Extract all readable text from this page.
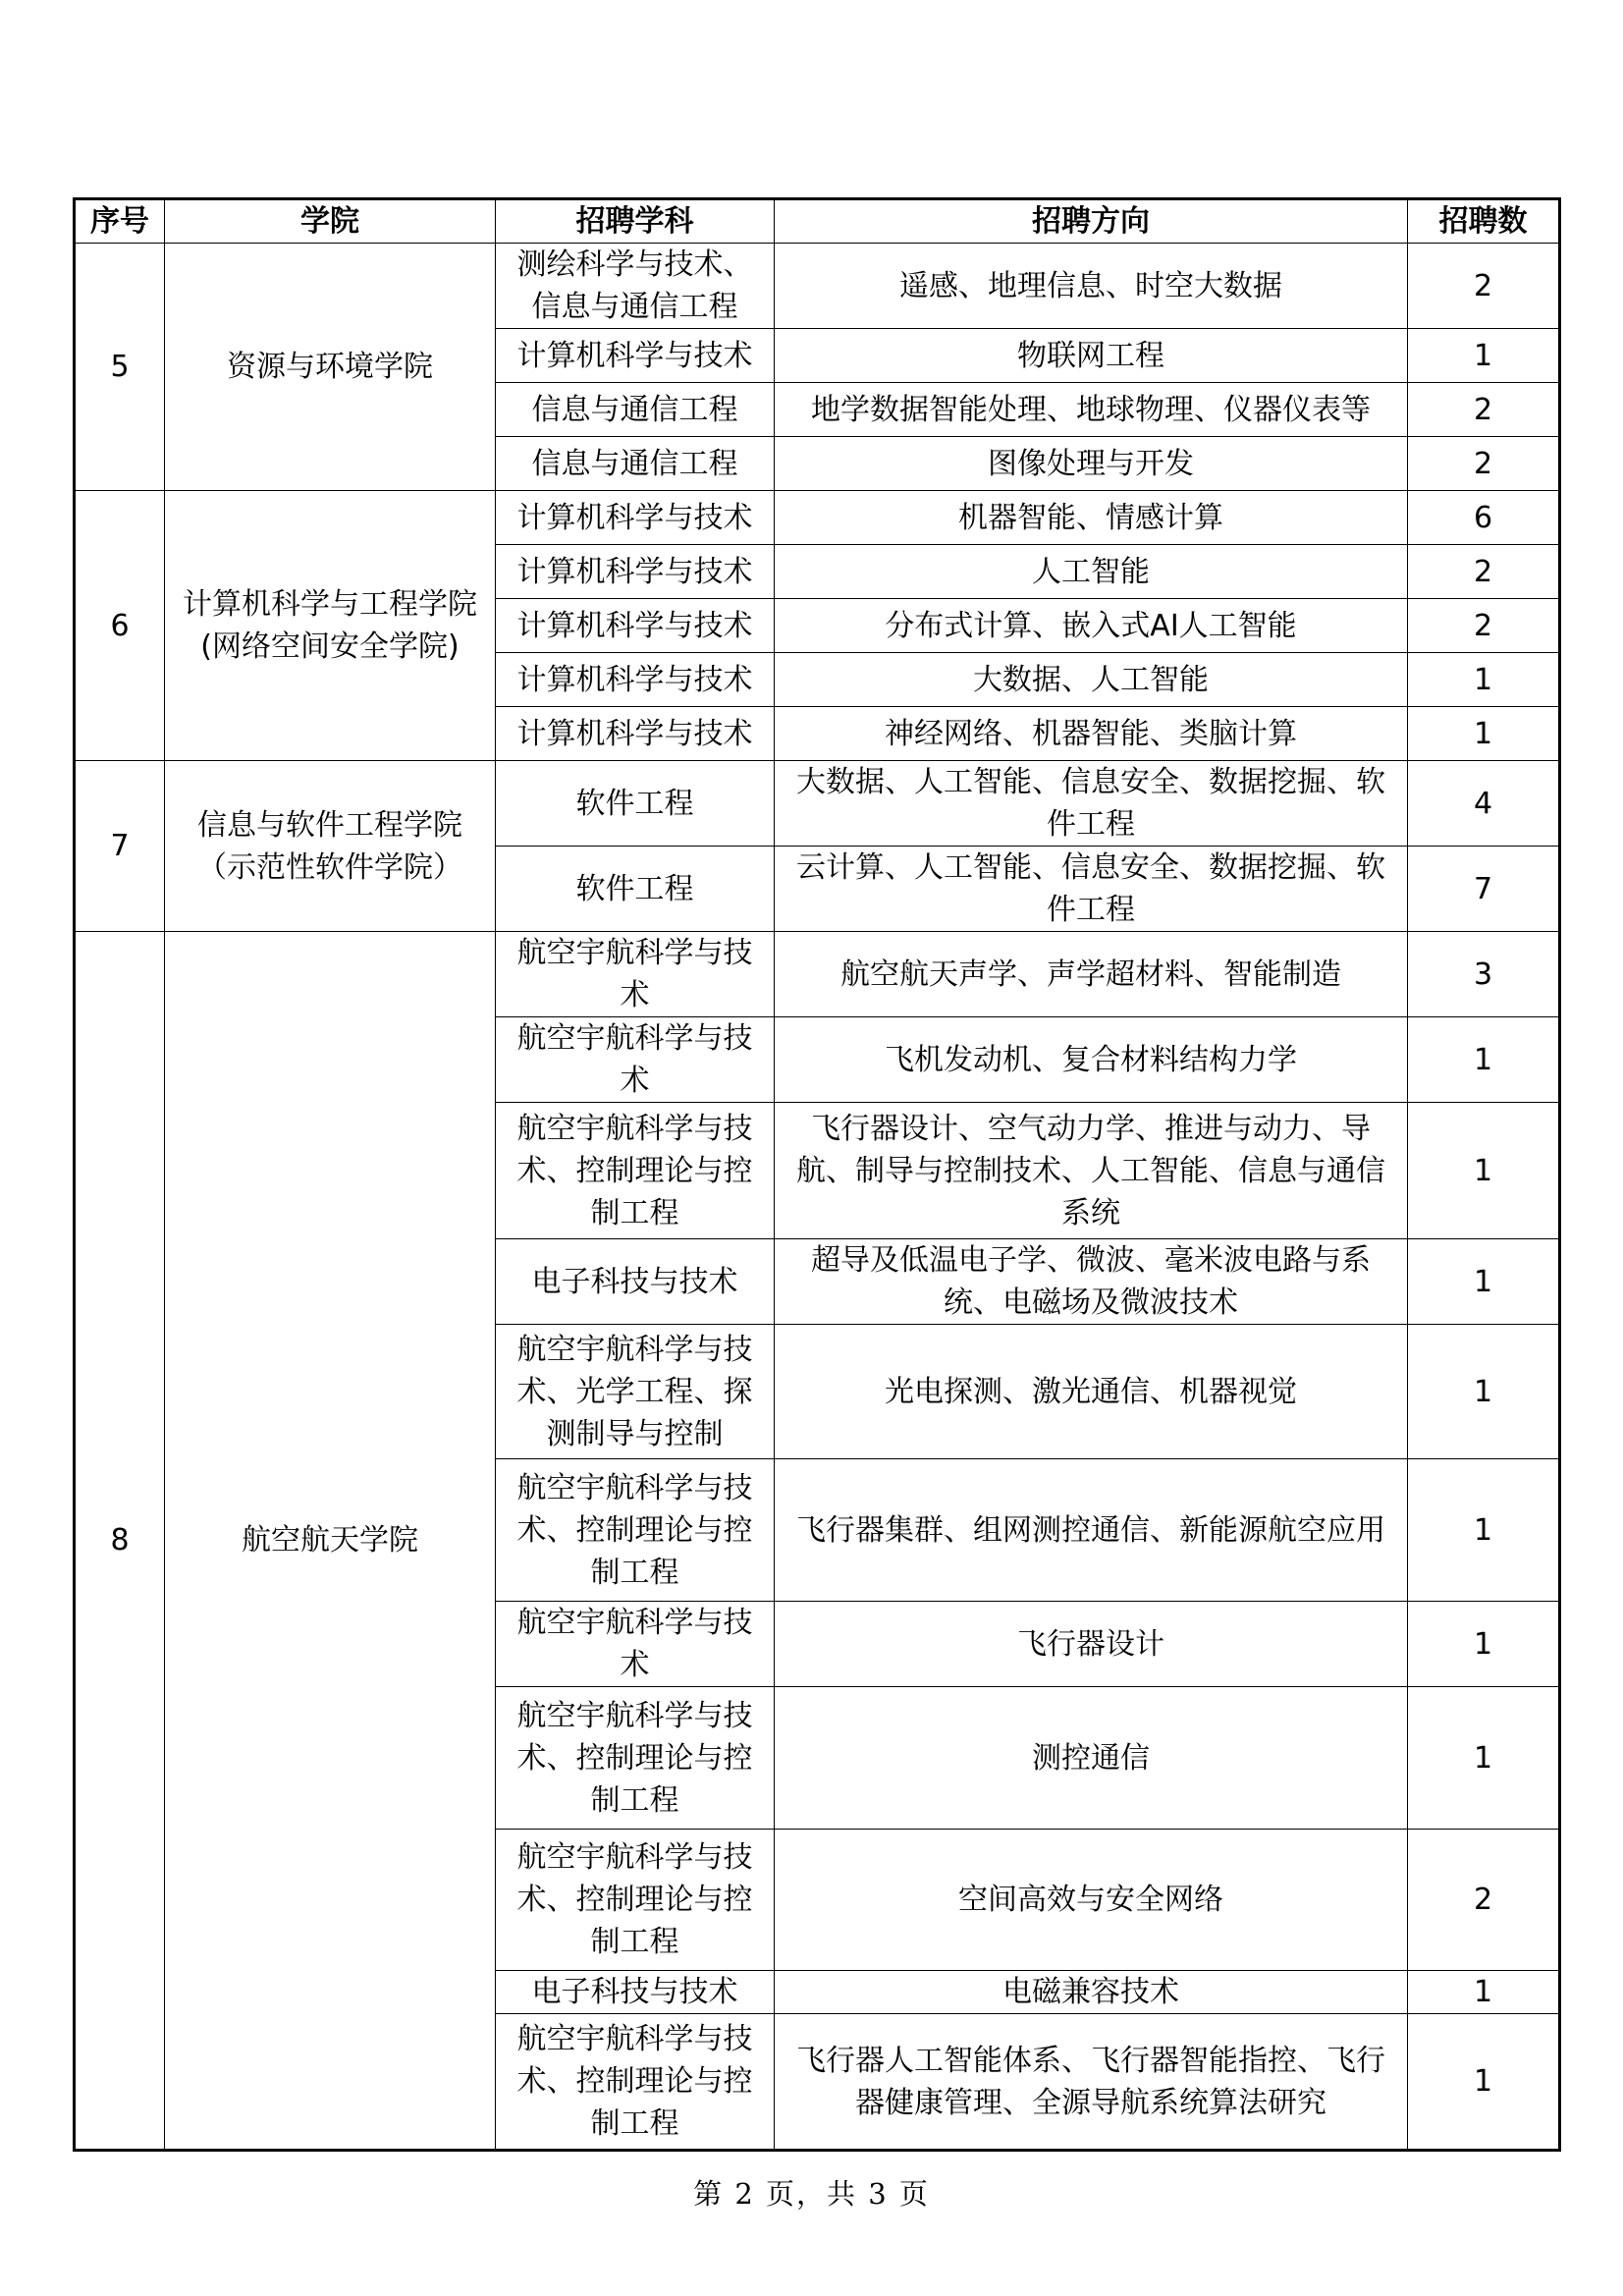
序号	学院	招聘学科	招聘方向	招聘数
5	资源与环境学院	测绘科学与技术、信息与通信工程	遥感、地理信息、时空大数据	2
		计算机科学与技术	物联网工程	1
		信息与通信工程	地学数据智能处理、地球物理、仪器仪表等	2
		信息与通信工程	图像处理与开发	2
6	计算机科学与工程学院(网络空间安全学院)	计算机科学与技术	机器智能、情感计算	6
		计算机科学与技术	人工智能	2
		计算机科学与技术	分布式计算、嵌入式AI人工智能	2
		计算机科学与技术	大数据、人工智能	1
		计算机科学与技术	神经网络、机器智能、类脑计算	1
7	信息与软件工程学院（示范性软件学院）	软件工程	大数据、人工智能、信息安全、数据挖掘、软件工程	4
		软件工程	云计算、人工智能、信息安全、数据挖掘、软件工程	7
8	航空航天学院	航空宇航科学与技术	航空航天声学、声学超材料、智能制造	3
		航空宇航科学与技术	飞机发动机、复合材料结构力学	1
		航空宇航科学与技术、控制理论与控制工程	飞行器设计、空气动力学、推进与动力、导航、制导与控制技术、人工智能、信息与通信系统	1
		电子科技与技术	超导及低温电子学、微波、毫米波电路与系统、电磁场及微波技术	1
		航空宇航科学与技术、光学工程、探测制导与控制	光电探测、激光通信、机器视觉	1
		航空宇航科学与技术、控制理论与控制工程	飞行器集群、组网测控通信、新能源航空应用	1
		航空宇航科学与技术	飞行器设计	1
		航空宇航科学与技术、控制理论与控制工程	测控通信	1
		航空宇航科学与技术、控制理论与控制工程	空间高效与安全网络	2
		电子科技与技术	电磁兼容技术	1
		航空宇航科学与技术、控制理论与控制工程	飞行器人工智能体系、飞行器智能指控、飞行器健康管理、全源导航系统算法研究	1
第 2 页，共 3 页
